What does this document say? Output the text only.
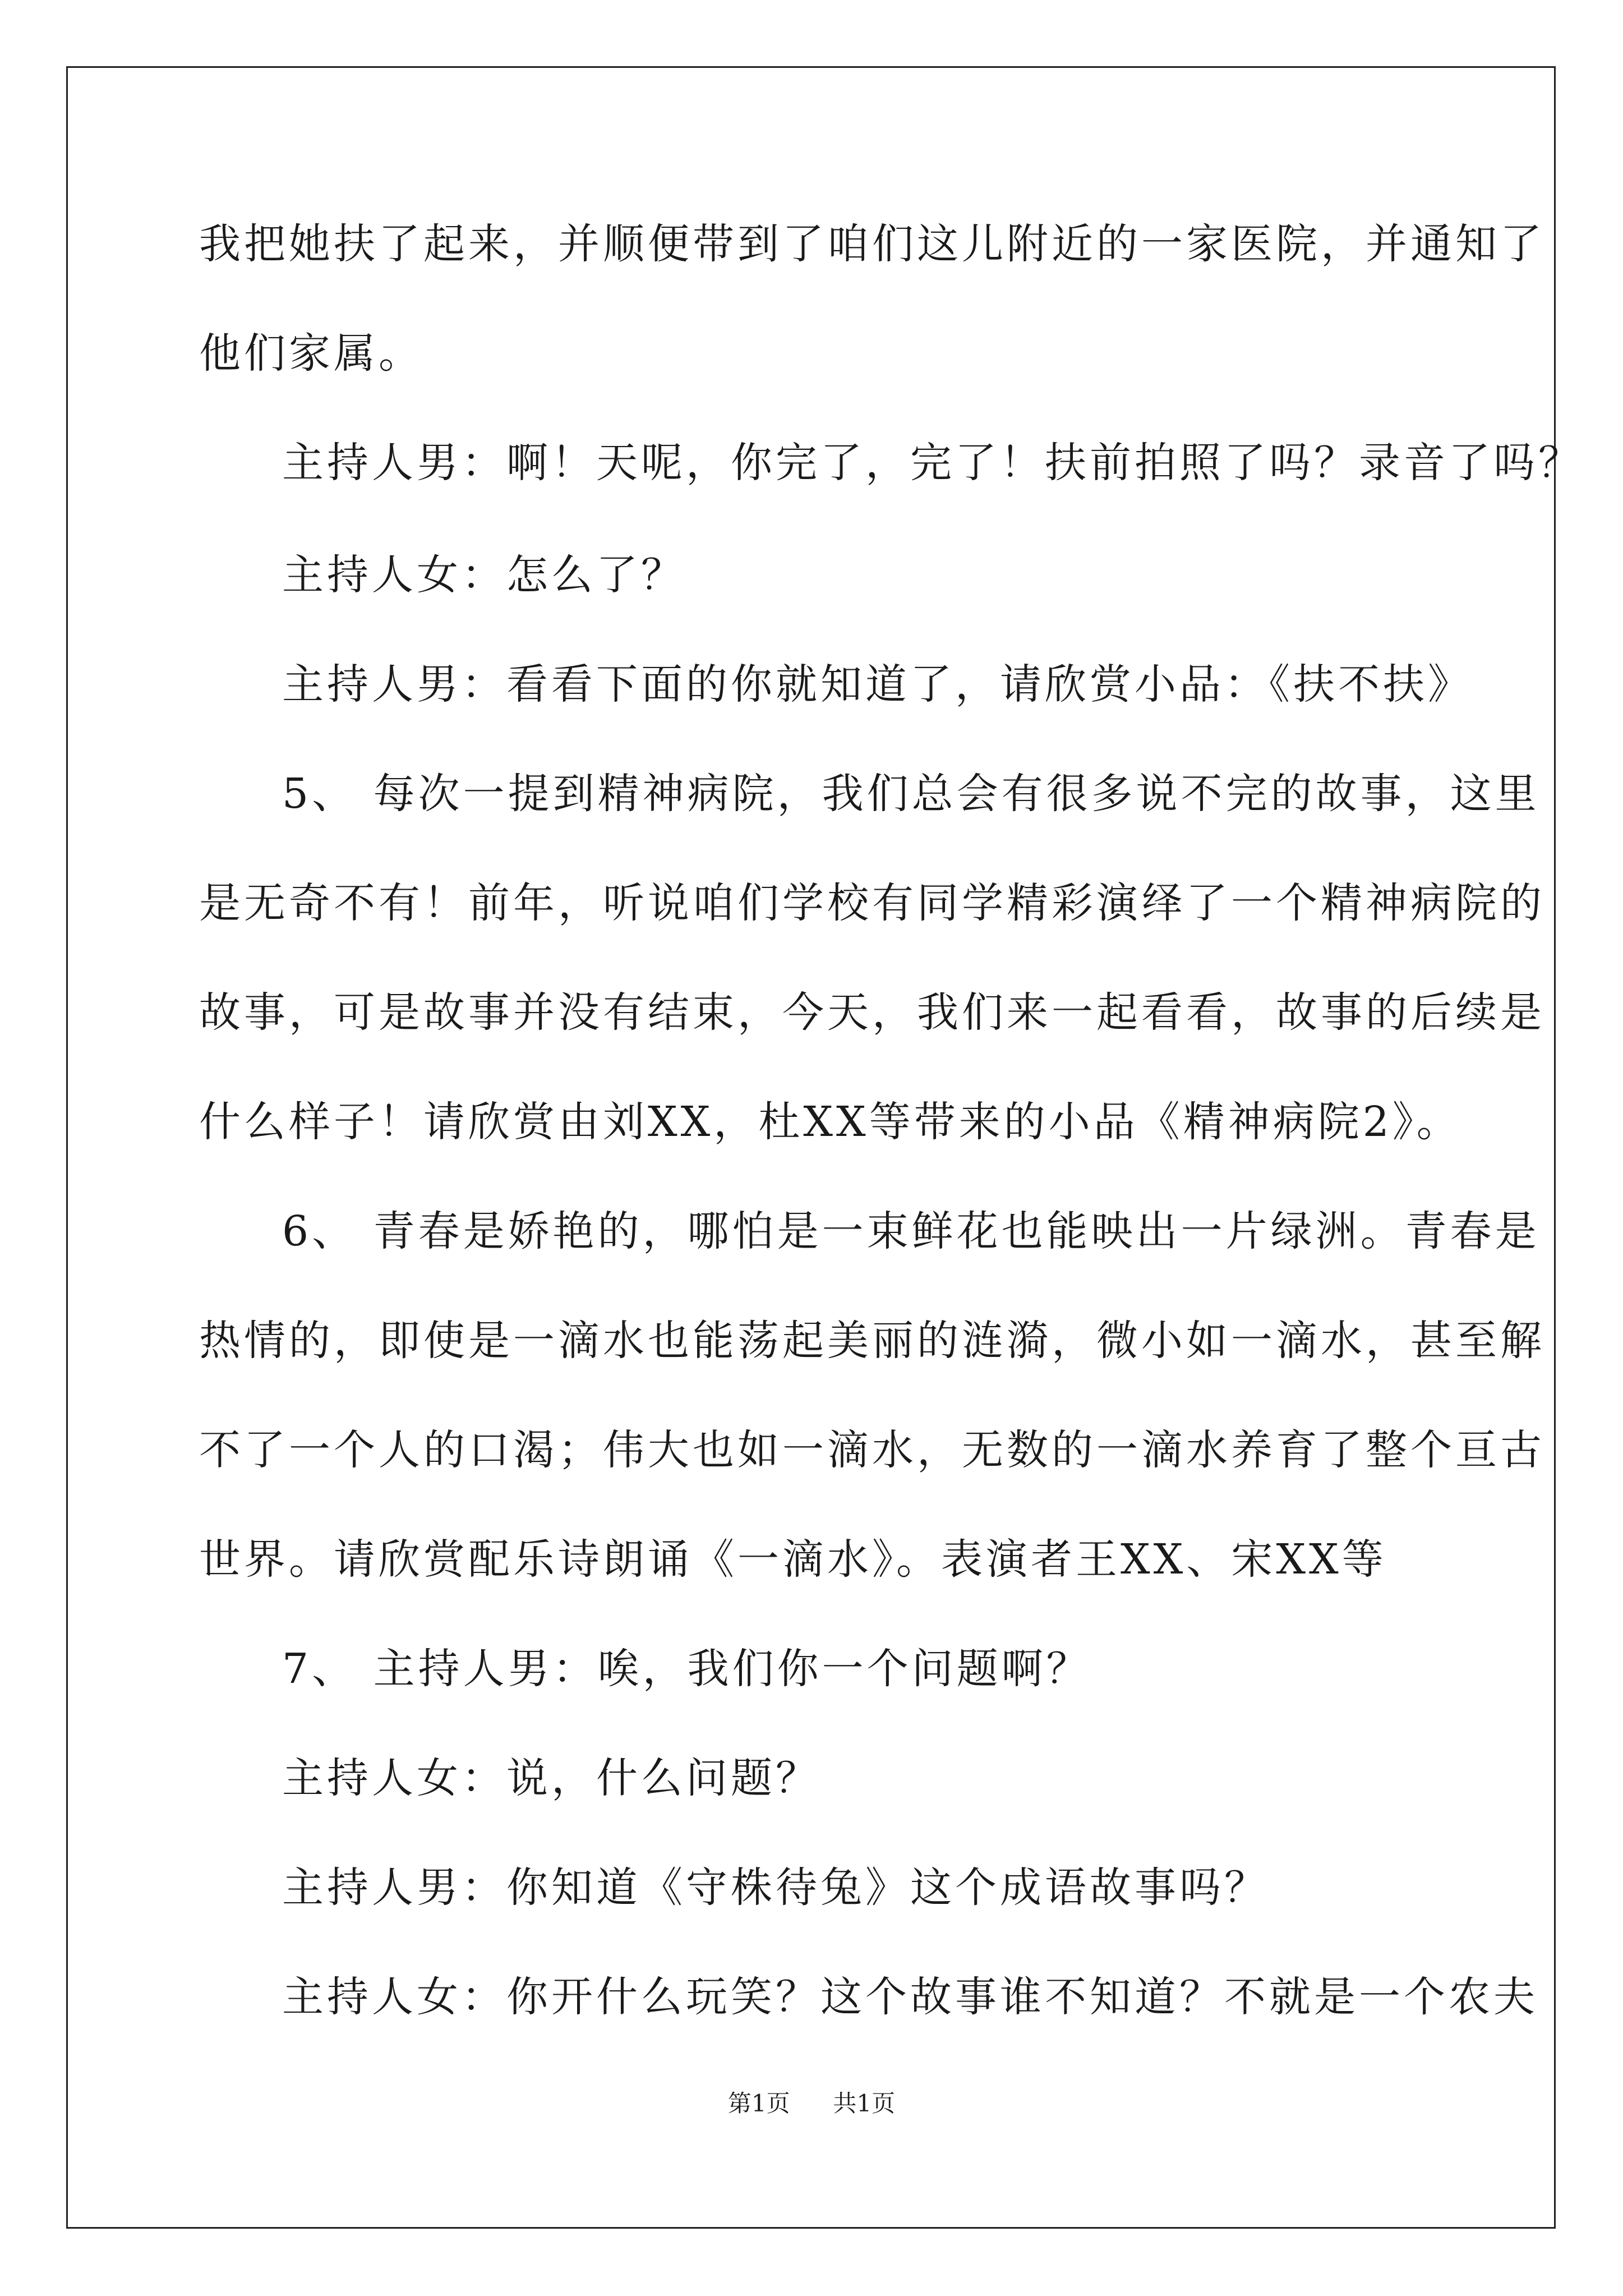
我把她扶了起来，并顺便带到了咱们这儿附近的一家医院，并通知了
他们家属。
主持人男：啊！天呢，你完了，完了！扶前拍照了吗？录音了吗？
主持人女：怎么了？
主持人男：看看下面的你就知道了，请欣赏小品：《扶不扶》
5、 每次一提到精神病院，我们总会有很多说不完的故事，这里
是无奇不有！前年，听说咱们学校有同学精彩演绎了一个精神病院的
故事，可是故事并没有结束，今天，我们来一起看看，故事的后续是
什么样子！请欣赏由刘XX，杜XX等带来的小品《精神病院2》。
6、 青春是娇艳的，哪怕是一束鲜花也能映出一片绿洲。青春是
热情的，即使是一滴水也能荡起美丽的涟漪，微小如一滴水，甚至解
不了一个人的口渴；伟大也如一滴水，无数的一滴水养育了整个亘古
世界。请欣赏配乐诗朗诵《一滴水》。表演者王XX、宋XX等
7、 主持人男：唉，我们你一个问题啊？
主持人女：说，什么问题？
主持人男：你知道《守株待兔》这个成语故事吗？
主持人女：你开什么玩笑？这个故事谁不知道？不就是一个农夫
第1页 共1页
